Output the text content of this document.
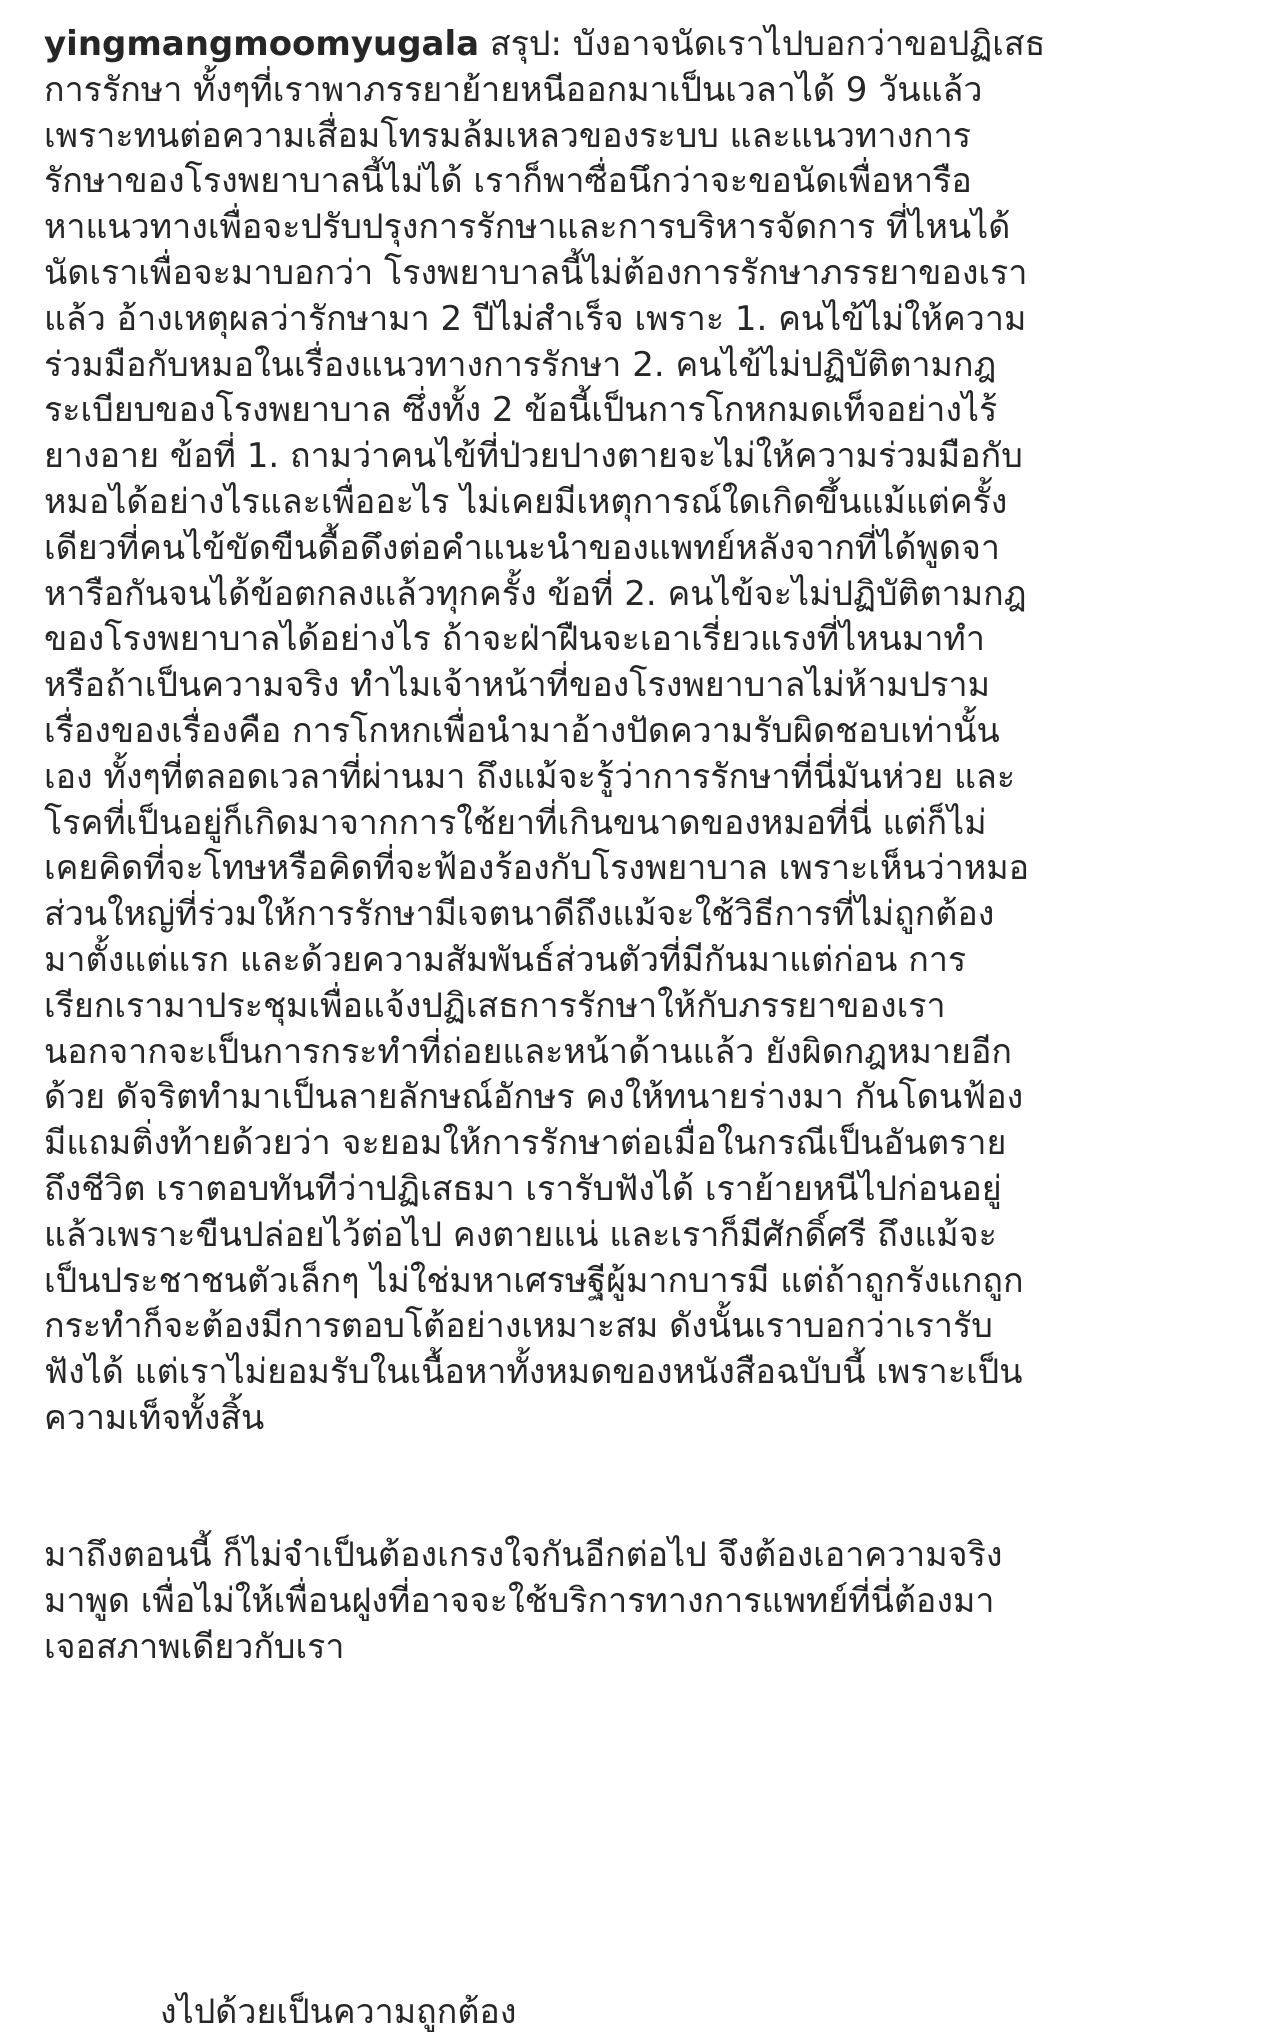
yingmangmoomyugala สรุป: บังอาจนัดเราไปบอกว่าขอปฏิเสธ
การรักษา ทั้งๆที่เราพาภรรยาย้ายหนีออกมาเป็นเวลาได้ 9 วันแล้ว
เพราะทนต่อความเสื่อมโทรมล้มเหลวของระบบ และแนวทางการ
รักษาของโรงพยาบาลนี้ไม่ได้ เราก็พาซื่อนึกว่าจะขอนัดเพื่อหารือ
หาแนวทางเพื่อจะปรับปรุงการรักษาและการบริหารจัดการ ที่ไหนได้
นัดเราเพื่อจะมาบอกว่า โรงพยาบาลนี้ไม่ต้องการรักษาภรรยาของเรา
แล้ว อ้างเหตุผลว่ารักษามา 2 ปีไม่สำเร็จ เพราะ 1. คนไข้ไม่ให้ความ
ร่วมมือกับหมอในเรื่องแนวทางการรักษา 2. คนไข้ไม่ปฏิบัติตามกฎ
ระเบียบของโรงพยาบาล ซึ่งทั้ง 2 ข้อนี้เป็นการโกหกมดเท็จอย่างไร้
ยางอาย ข้อที่ 1. ถามว่าคนไข้ที่ป่วยปางตายจะไม่ให้ความร่วมมือกับ
หมอได้อย่างไรและเพื่ออะไร ไม่เคยมีเหตุการณ์ใดเกิดขึ้นแม้แต่ครั้ง
เดียวที่คนไข้ขัดขืนดื้อดึงต่อคำแนะนำของแพทย์หลังจากที่ได้พูดจา
หารือกันจนได้ข้อตกลงแล้วทุกครั้ง ข้อที่ 2. คนไข้จะไม่ปฏิบัติตามกฎ
ของโรงพยาบาลได้อย่างไร ถ้าจะฝ่าฝืนจะเอาเรี่ยวแรงที่ไหนมาทำ
หรือถ้าเป็นความจริง ทำไมเจ้าหน้าที่ของโรงพยาบาลไม่ห้ามปราม
เรื่องของเรื่องคือ การโกหกเพื่อนำมาอ้างปัดความรับผิดชอบเท่านั้น
เอง ทั้งๆที่ตลอดเวลาที่ผ่านมา ถึงแม้จะรู้ว่าการรักษาที่นี่มันห่วย และ
โรคที่เป็นอยู่ก็เกิดมาจากการใช้ยาที่เกินขนาดของหมอที่นี่ แต่ก็ไม่
เคยคิดที่จะโทษหรือคิดที่จะฟ้องร้องกับโรงพยาบาล เพราะเห็นว่าหมอ
ส่วนใหญ่ที่ร่วมให้การรักษามีเจตนาดีถึงแม้จะใช้วิธีการที่ไม่ถูกต้อง
มาตั้งแต่แรก และด้วยความสัมพันธ์ส่วนตัวที่มีกันมาแต่ก่อน การ
เรียกเรามาประชุมเพื่อแจ้งปฏิเสธการรักษาให้กับภรรยาของเรา
นอกจากจะเป็นการกระทำที่ถ่อยและหน้าด้านแล้ว ยังผิดกฎหมายอีก
ด้วย ดัจริตทำมาเป็นลายลักษณ์อักษร คงให้ทนายร่างมา กันโดนฟ้อง
มีแถมติ่งท้ายด้วยว่า จะยอมให้การรักษาต่อเมื่อในกรณีเป็นอันตราย
ถึงชีวิต เราตอบทันทีว่าปฏิเสธมา เรารับฟังได้ เราย้ายหนีไปก่อนอยู่
แล้วเพราะขืนปล่อยไว้ต่อไป คงตายแน่ และเราก็มีศักดิ์ศรี ถึงแม้จะ
เป็นประชาชนตัวเล็กๆ ไม่ใช่มหาเศรษฐีผู้มากบารมี แต่ถ้าถูกรังแกถูก
กระทำก็จะต้องมีการตอบโต้อย่างเหมาะสม ดังนั้นเราบอกว่าเรารับ
ฟังได้ แต่เราไม่ยอมรับในเนื้อหาทั้งหมดของหนังสือฉบับนี้ เพราะเป็น
ความเท็จทั้งสิ้น
มาถึงตอนนี้ ก็ไม่จำเป็นต้องเกรงใจกันอีกต่อไป จึงต้องเอาความจริง
มาพูด เพื่อไม่ให้เพื่อนฝูงที่อาจจะใช้บริการทางการแพทย์ที่นี่ต้องมา
เจอสภาพเดียวกับเรา

งไปด้วยเป็นความถูกต้อง
